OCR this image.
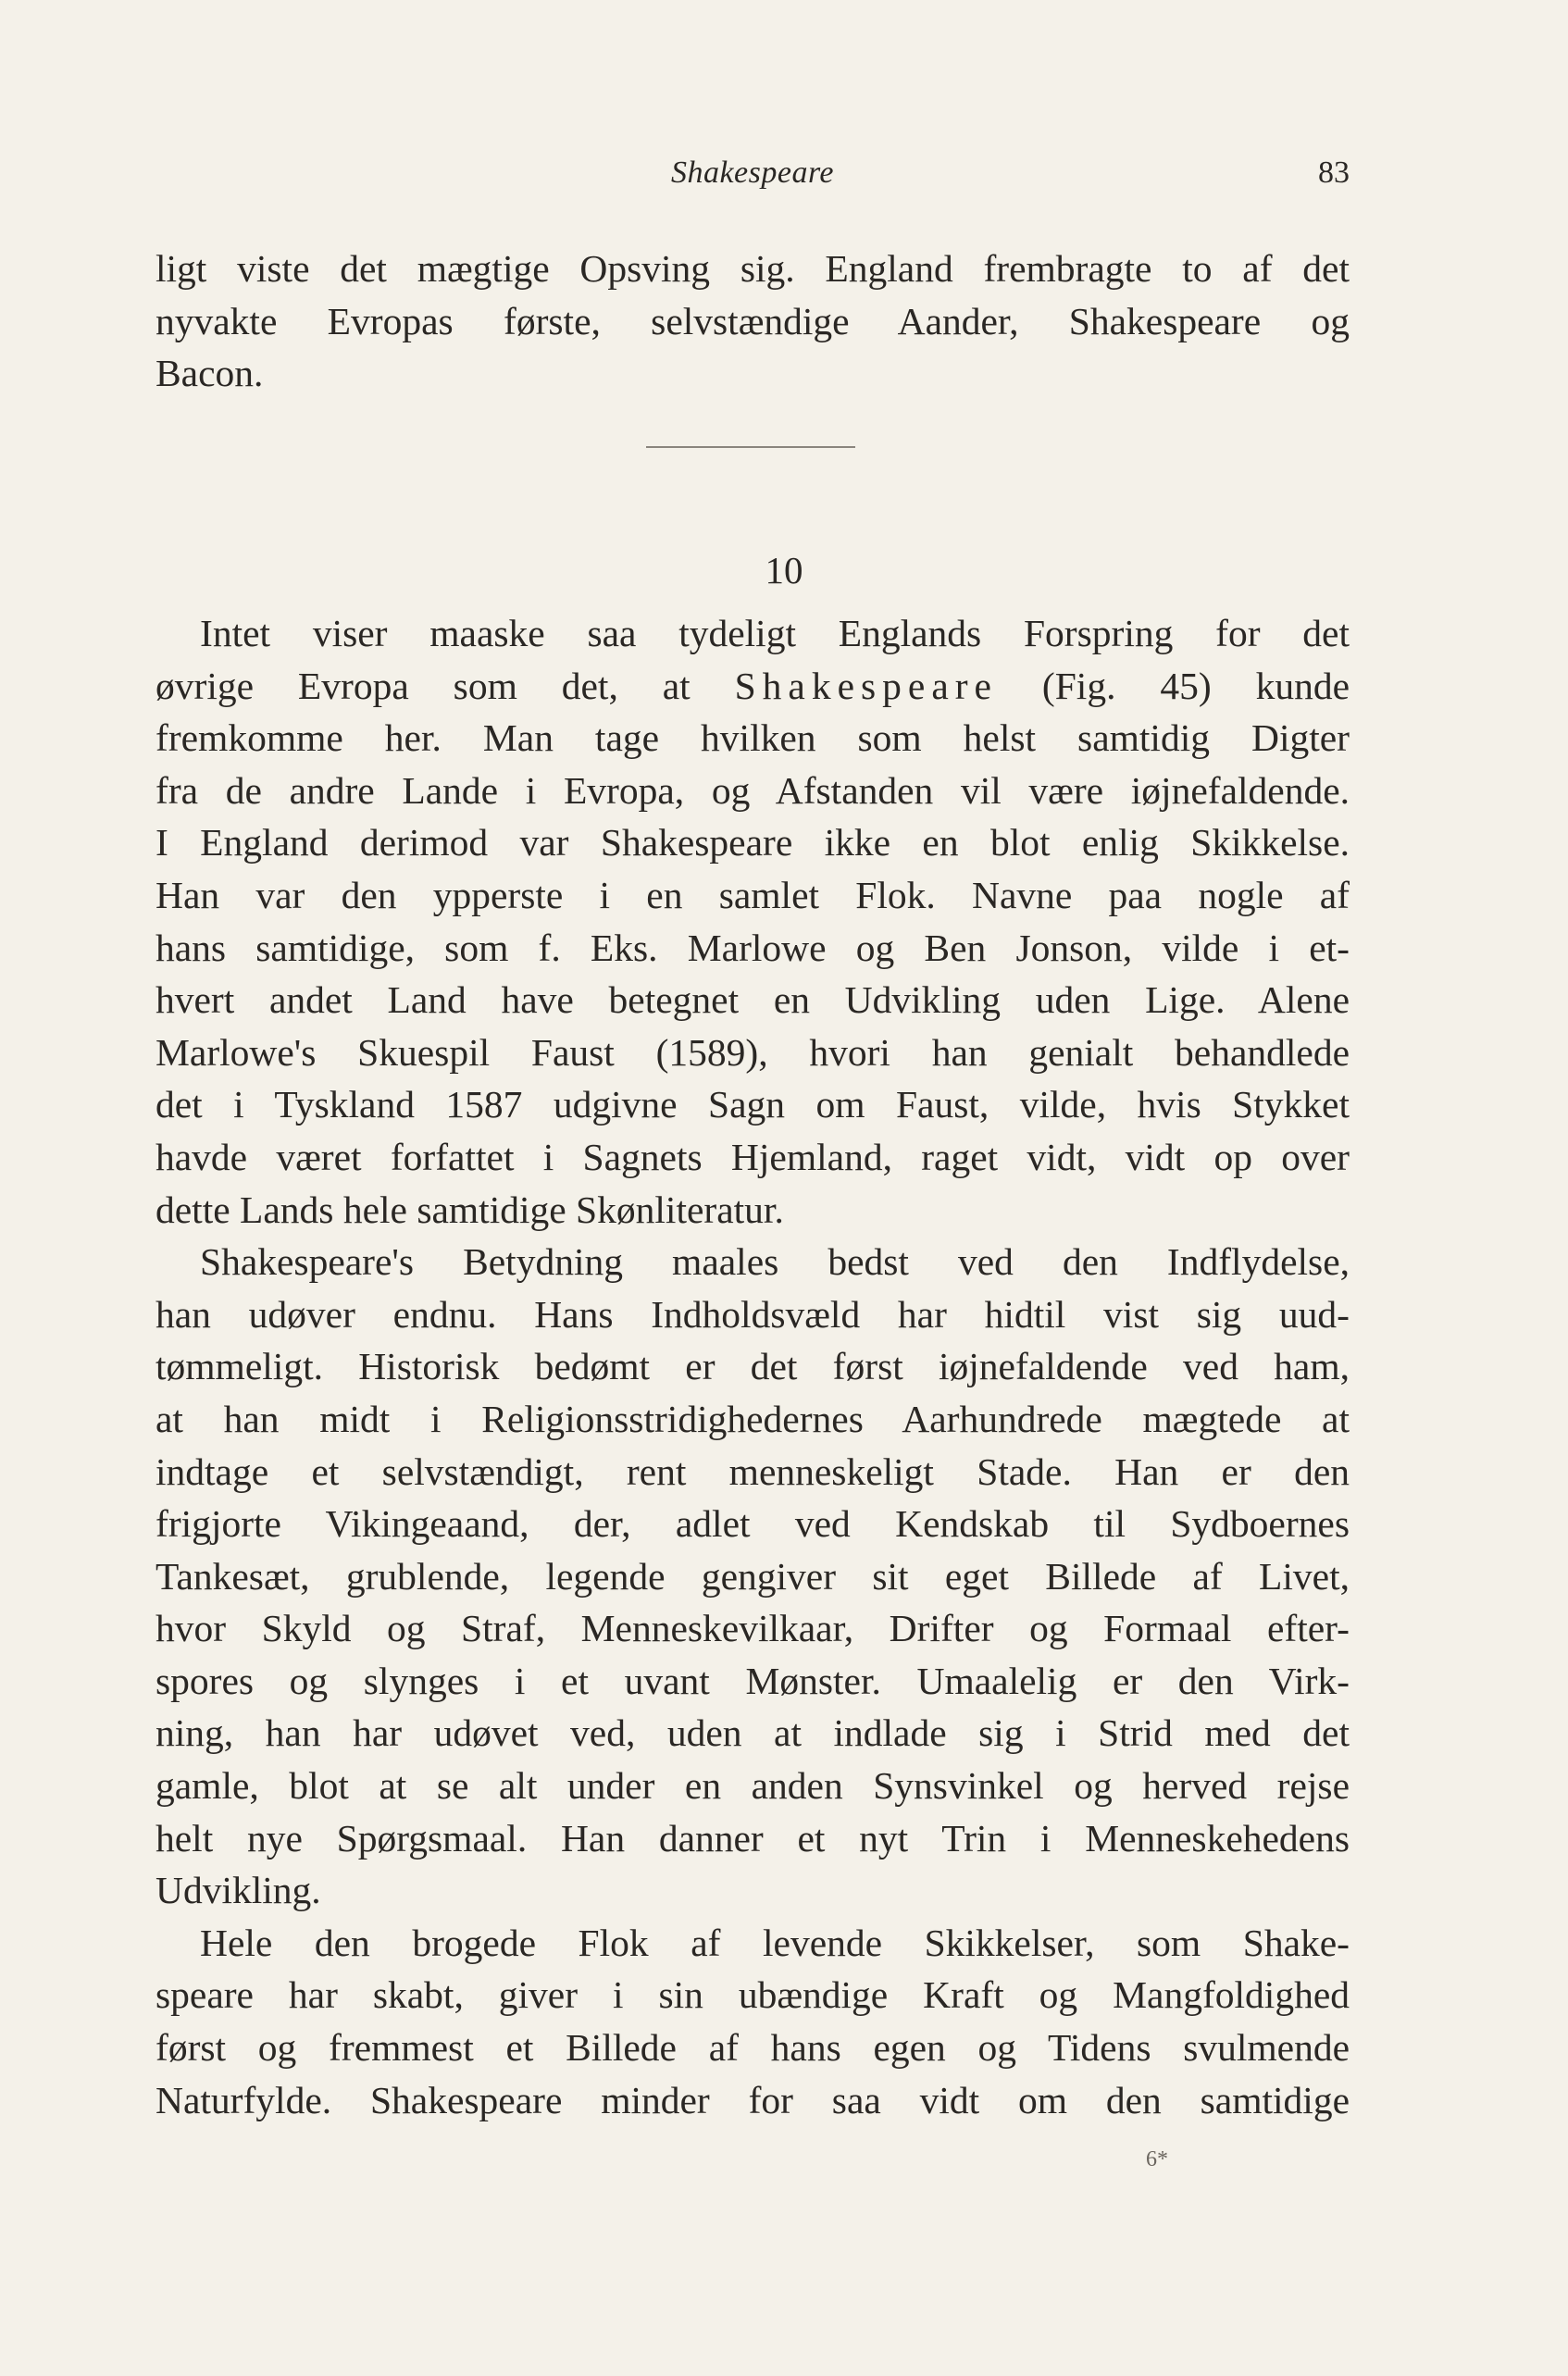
Shakespeare	83

ligt viste det mægtige Opsving sig. England frembragte to af det
nyvakte Evropas første, selvstændige Aander, Shakespeare og
Bacon.

10

Intet viser maaske saa tydeligt Englands Forspring for det
øvrige Evropa som det, at Shakespeare (Fig. 45) kunde
fremkomme her. Man tage hvilken som helst samtidig Digter
fra de andre Lande i Evropa, og Afstanden vil være iøjnefaldende.
I England derimod var Shakespeare ikke en blot enlig Skikkelse.
Han var den ypperste i en samlet Flok. Navne paa nogle af
hans samtidige, som f. Eks. Marlowe og Ben Jonson, vilde i et-
hvert andet Land have betegnet en Udvikling uden Lige. Alene
Marlowe's Skuespil Faust (1589), hvori han genialt behandlede
det i Tyskland 1587 udgivne Sagn om Faust, vilde, hvis Stykket
havde været forfattet i Sagnets Hjemland, raget vidt, vidt op over
dette Lands hele samtidige Skønliteratur.

Shakespeare's Betydning maales bedst ved den Indflydelse,
han udøver endnu. Hans Indholdsvæld har hidtil vist sig uud-
tømmeligt. Historisk bedømt er det først iøjnefaldende ved ham,
at han midt i Religionsstridighedernes Aarhundrede mægtede at
indtage et selvstændigt, rent menneskeligt Stade. Han er den
frigjorte Vikingeaand, der, adlet ved Kendskab til Sydboernes
Tankesæt, grublende, legende gengiver sit eget Billede af Livet,
hvor Skyld og Straf, Menneskevilkaar, Drifter og Formaal efter-
spores og slynges i et uvant Mønster. Umaalelig er den Virk-
ning, han har udøvet ved, uden at indlade sig i Strid med det
gamle, blot at se alt under en anden Synsvinkel og herved rejse
helt nye Spørgsmaal. Han danner et nyt Trin i Menneskehedens
Udvikling.

Hele den brogede Flok af levende Skikkelser, som Shake-
speare har skabt, giver i sin ubændige Kraft og Mangfoldighed
først og fremmest et Billede af hans egen og Tidens svulmende
Naturfylde. Shakespeare minder for saa vidt om den samtidige

6*
